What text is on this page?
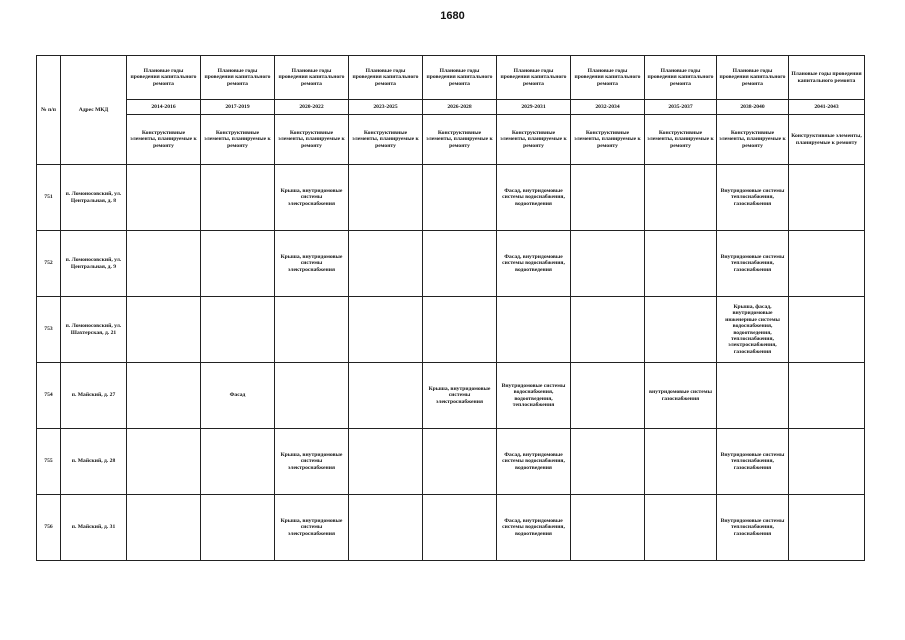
1680
№ п/п	Адрес МКД	Плановые годы проведения капитального ремонта	Плановые годы проведения капитального ремонта	Плановые годы проведения капитального ремонта	Плановые годы проведения капитального ремонта	Плановые годы проведения капитального ремонта	Плановые годы проведения капитального ремонта	Плановые годы проведения капитального ремонта	Плановые годы проведения капитального ремонта	Плановые годы проведения капитального ремонта	Плановые годы проведения капитального ремонта
		2014-2016	2017-2019	2020-2022	2023-2025	2026-2028	2029-2031	2032-2034	2035-2037	2038-2040	2041-2043
		Конструктивные элементы, планируемые к ремонту	Конструктивные элементы, планируемые к ремонту	Конструктивные элементы, планируемые к ремонту	Конструктивные элементы, планируемые к ремонту	Конструктивные элементы, планируемые к ремонту	Конструктивные элементы, планируемые к ремонту	Конструктивные элементы, планируемые к ремонту	Конструктивные элементы, планируемые к ремонту	Конструктивные элементы, планируемые к ремонту	Конструктивные элементы, планируемые к ремонту
751	п. Ломоносовский, ул. Центральная, д. 8			Крыша, внутридомовые системы электроснабжения			Фасад, внутридомовые системы водоснабжения, водоотведения			Внутридомовые системы теплоснабжения, газоснабжения	
752	п. Ломоносовский, ул. Центральная, д. 9			Крыша, внутридомовые системы электроснабжения			Фасад, внутридомовые системы водоснабжения, водоотведения			Внутридомовые системы теплоснабжения, газоснабжения	
753	п. Ломоносовский, ул. Шахтерская, д. 21									Крыша, фасад, внутридомовые инженерные системы водоснабжения, водоотведения, теплоснабжения, электроснабжения, газоснабжения	
754	п. Майский, д. 27		Фасад			Крыша, внутридомовые системы электроснабжения	Внутридомовые системы водоснабжения, водоотведения, теплоснабжения		внутридомовые системы газоснабжения		
755	п. Майский, д. 28			Крыша, внутридомовые системы электроснабжения			Фасад, внутридомовые системы водоснабжения, водоотведения			Внутридомовые системы теплоснабжения, газоснабжения	
756	п. Майский, д. 31			Крыша, внутридомовые системы электроснабжения			Фасад, внутридомовые системы водоснабжения, водоотведения			Внутридомовые системы теплоснабжения, газоснабжения	
